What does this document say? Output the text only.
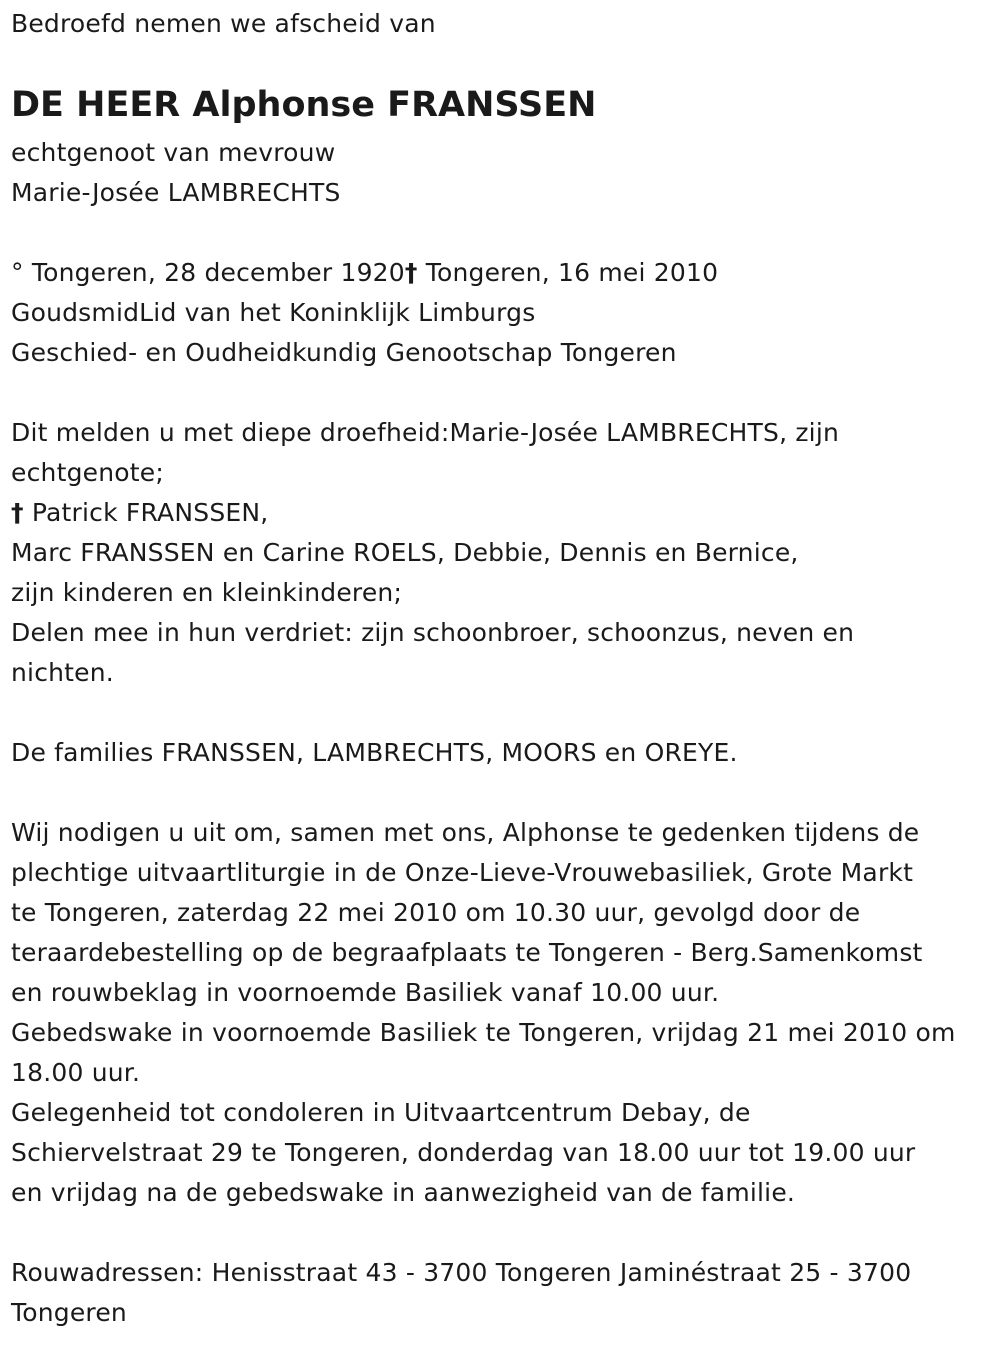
Bedroefd nemen we afscheid van
DE HEER Alphonse FRANSSEN
echtgenoot van mevrouw
Marie-Josée LAMBRECHTS
° Tongeren, 28 december 1920† Tongeren, 16 mei 2010
GoudsmidLid van het Koninklijk Limburgs
Geschied- en Oudheidkundig Genootschap Tongeren
Dit melden u met diepe droefheid:Marie-Josée LAMBRECHTS, zijn
echtgenote;
† Patrick FRANSSEN,
Marc FRANSSEN en Carine ROELS, Debbie, Dennis en Bernice,
zijn kinderen en kleinkinderen;
Delen mee in hun verdriet: zijn schoonbroer, schoonzus, neven en
nichten.
De families FRANSSEN, LAMBRECHTS, MOORS en OREYE.
Wij nodigen u uit om, samen met ons, Alphonse te gedenken tijdens de
plechtige uitvaartliturgie in de Onze-Lieve-Vrouwebasiliek, Grote Markt
te Tongeren, zaterdag 22 mei 2010 om 10.30 uur, gevolgd door de
teraardebestelling op de begraafplaats te Tongeren - Berg.Samenkomst
en rouwbeklag in voornoemde Basiliek vanaf 10.00 uur.
Gebedswake in voornoemde Basiliek te Tongeren, vrijdag 21 mei 2010 om
18.00 uur.
Gelegenheid tot condoleren in Uitvaartcentrum Debay, de
Schiervelstraat 29 te Tongeren, donderdag van 18.00 uur tot 19.00 uur
en vrijdag na de gebedswake in aanwezigheid van de familie.
Rouwadressen: Henisstraat 43 - 3700 Tongeren Jaminéstraat 25 - 3700
Tongeren
